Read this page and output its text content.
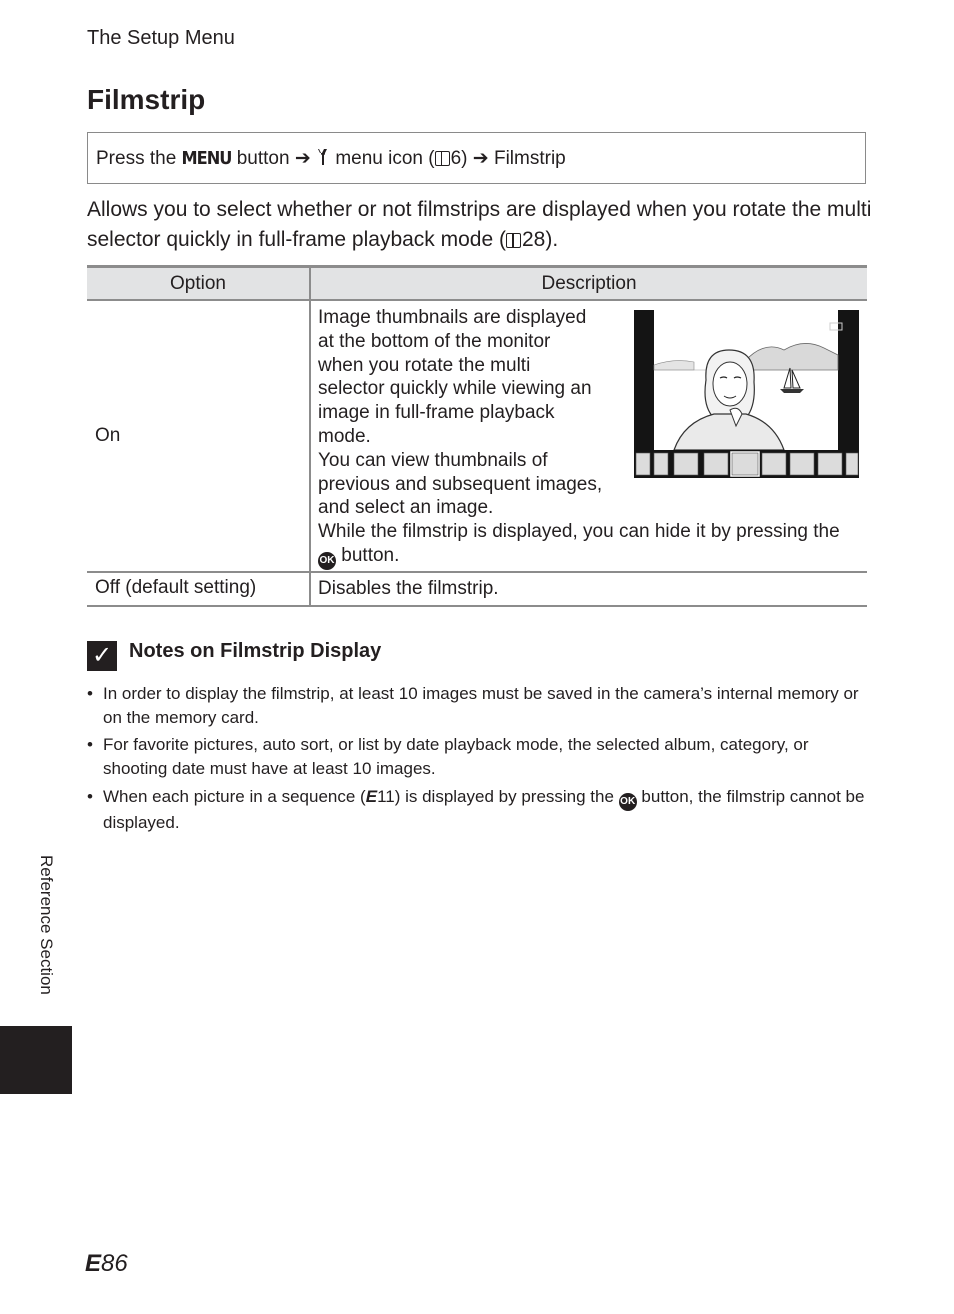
The Setup Menu
Filmstrip
Press the MENU button ➔ menu icon ( 6) ➔ Filmstrip
Allows you to select whether or not filmstrips are displayed when you rotate the multi selector quickly in full-frame playback mode ( 28).
Option	Description
On
Image thumbnails are displayed
at the bottom of the monitor
when you rotate the multi
selector quickly while viewing an
image in full-frame playback
mode.
You can view thumbnails of
previous and subsequent images,
and select an image.
While the filmstrip is displayed, you can hide it by pressing the
OK button.
Off (default setting)	Disables the filmstrip.
4/   132
✓ Notes on Filmstrip Display
• In order to display the filmstrip, at least 10 images must be saved in the camera’s internal memory or on the memory card.
• For favorite pictures, auto sort, or list by date playback mode, the selected album, category, or shooting date must have at least 10 images.
• When each picture in a sequence (E11) is displayed by pressing the OK button, the filmstrip cannot be displayed.
Reference Section
E86
